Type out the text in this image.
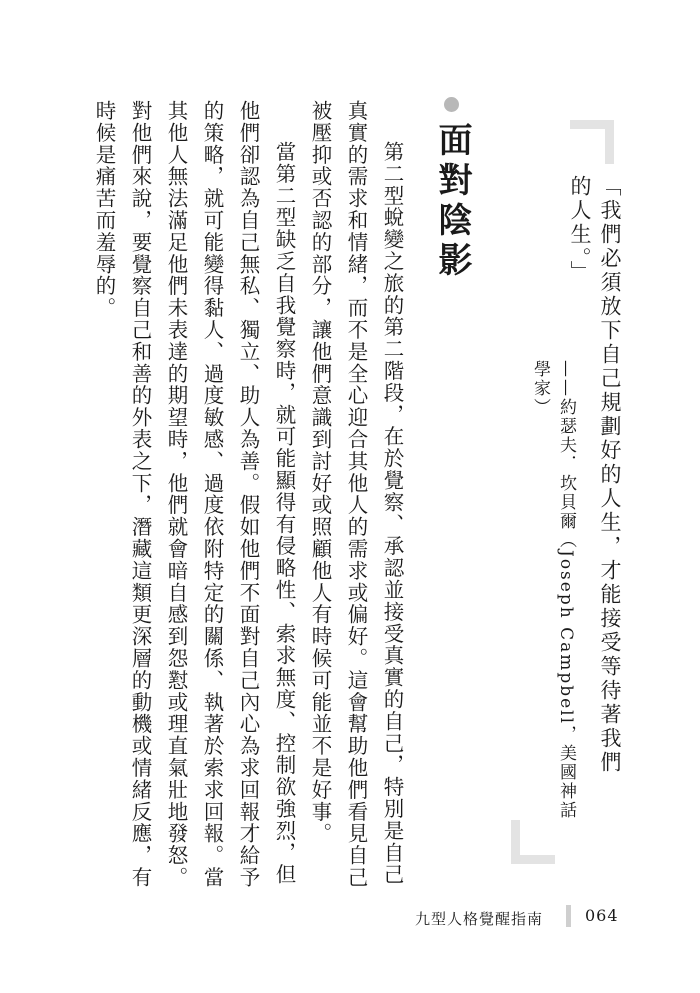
「我們必須放下自己規劃好的人生，才能接受等待著我們的人生。」
——約瑟夫．坎貝爾（Joseph Campbell，美國神話學家）
面對陰影

第二型蛻變之旅的第二階段，在於覺察、承認並接受真實的自己，特別是自己真實的需求和情緒，而不是全心迎合其他人的需求或偏好。這會幫助他們看見自己被壓抑或否認的部分，讓他們意識到討好或照顧他人有時候可能並不是好事。

當第二型缺乏自我覺察時，就可能顯得有侵略性、索求無度、控制欲強烈，但他們卻認為自己無私、獨立、助人為善。假如他們不面對自己內心為求回報才給予的策略，就可能變得黏人、過度敏感、過度依附特定的關係、執著於索求回報。當其他人無法滿足他們未表達的期望時，他們就會暗自感到怨懟或理直氣壯地發怒。對他們來說，要覺察自己和善的外表之下，潛藏這類更深層的動機或情緒反應，有時候是痛苦而羞辱的。

九型人格覺醒指南	064
